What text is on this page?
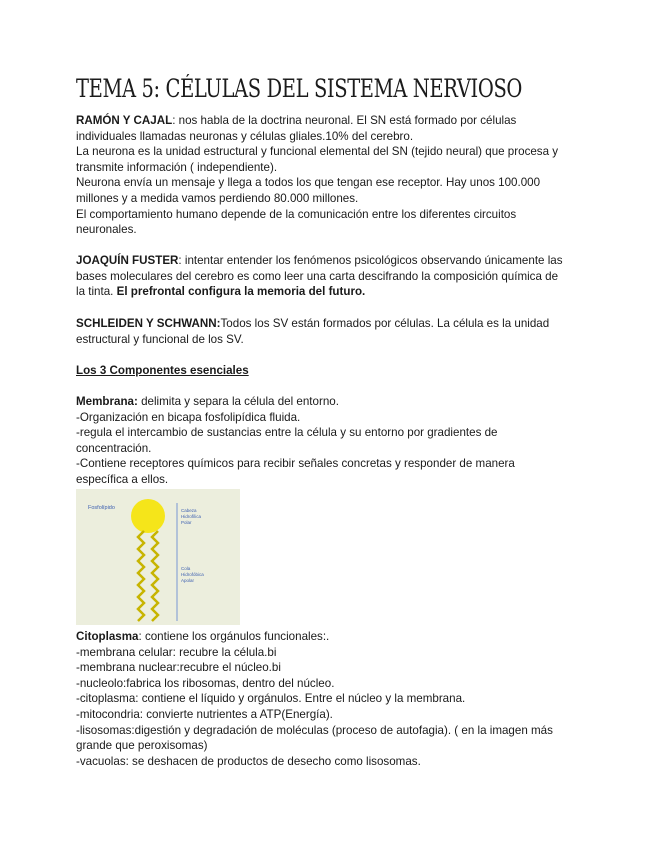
TEMA 5: CÉLULAS DEL SISTEMA NERVIOSO
RAMÓN Y CAJAL: nos habla de la doctrina neuronal. El SN está formado por células
individuales llamadas neuronas y células gliales.10% del cerebro.
La neurona es la unidad estructural y funcional elemental del SN (tejido neural) que procesa y
transmite información ( independiente).
Neurona envía un mensaje y llega a todos los que tengan ese receptor. Hay unos 100.000
millones y a medida vamos perdiendo 80.000 millones.
El comportamiento humano depende de la comunicación entre los diferentes circuitos
neuronales.
JOAQUÍN FUSTER: intentar entender los fenómenos psicológicos observando únicamente las
bases moleculares del cerebro es como leer una carta descifrando la composición química de
la tinta. El prefrontal configura la memoria del futuro.
SCHLEIDEN Y SCHWANN:Todos los SV están formados por células. La célula es la unidad
estructural y funcional de los SV.
Los 3 Componentes esenciales
Membrana: delimita y separa la célula del entorno.
-Organización en bicapa fosfolipídica fluida.
-regula el intercambio de sustancias entre la célula y su entorno por gradientes de
concentración.
-Contiene receptores químicos para recibir señales concretas y responder de manera
específica a ellos.
Fosfolípido	Cabeza
Hidrofílica
Polar
Cola
Hidrofóbica
Apolar
Citoplasma: contiene los orgánulos funcionales:.
-membrana celular: recubre la célula.bi
-membrana nuclear:recubre el núcleo.bi
-nucleolo:fabrica los ribosomas, dentro del núcleo.
-citoplasma: contiene el líquido y orgánulos. Entre el núcleo y la membrana.
-mitocondria: convierte nutrientes a ATP(Energía).
-lisosomas:digestión y degradación de moléculas (proceso de autofagia). ( en la imagen más
grande que peroxisomas)
-vacuolas: se deshacen de productos de desecho como lisosomas.
